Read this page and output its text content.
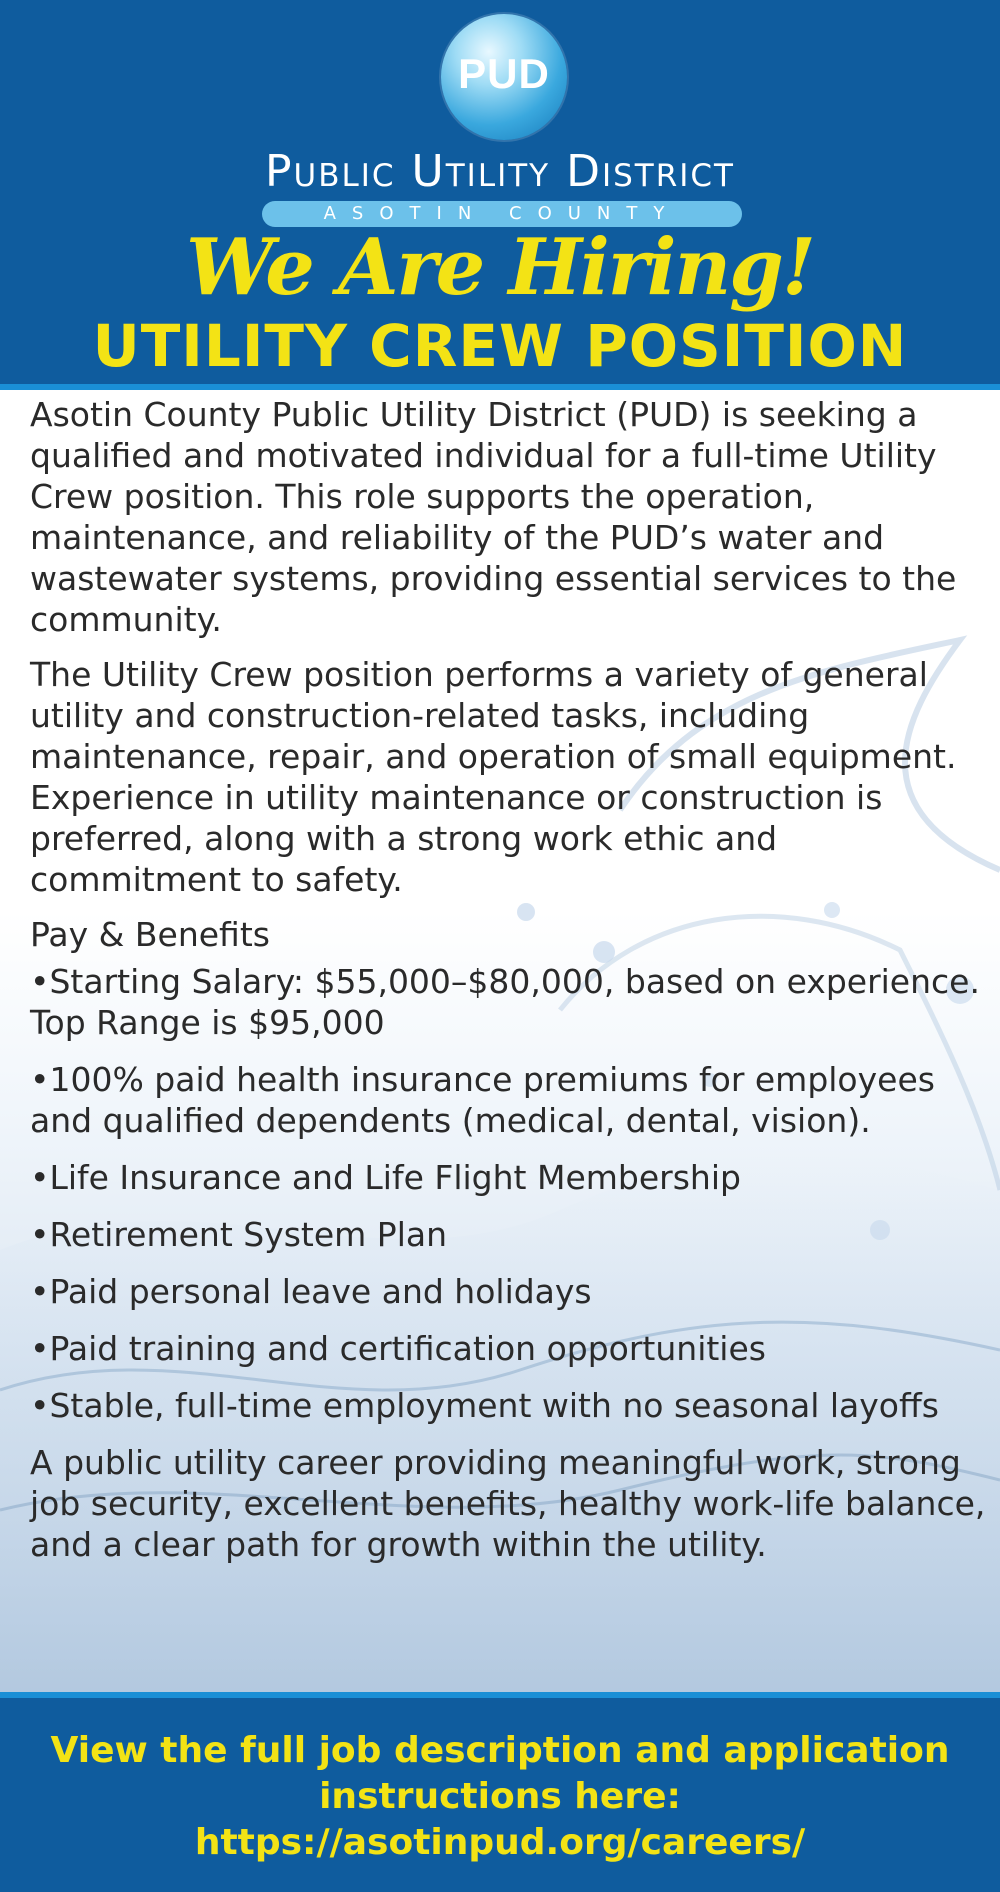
PUD
Public Utility District
ASOTIN COUNTY
We Are Hiring!
UTILITY CREW POSITION

Asotin County Public Utility District (PUD) is seeking a qualified and motivated individual for a full-time Utility Crew position. This role supports the operation, maintenance, and reliability of the PUD’s water and wastewater systems, providing essential services to the community.

The Utility Crew position performs a variety of general utility and construction-related tasks, including maintenance, repair, and operation of small equipment. Experience in utility maintenance or construction is preferred, along with a strong work ethic and commitment to safety.

Pay & Benefits

•Starting Salary: $55,000–$80,000, based on experience. Top Range is $95,000

•100% paid health insurance premiums for employees and qualified dependents (medical, dental, vision).

•Life Insurance and Life Flight Membership

•Retirement System Plan

•Paid personal leave and holidays

•Paid training and certification opportunities

•Stable, full-time employment with no seasonal layoffs

A public utility career providing meaningful work, strong job security, excellent benefits, healthy work-life balance, and a clear path for growth within the utility.

View the full job description and application
instructions here:
https://asotinpud.org/careers/
